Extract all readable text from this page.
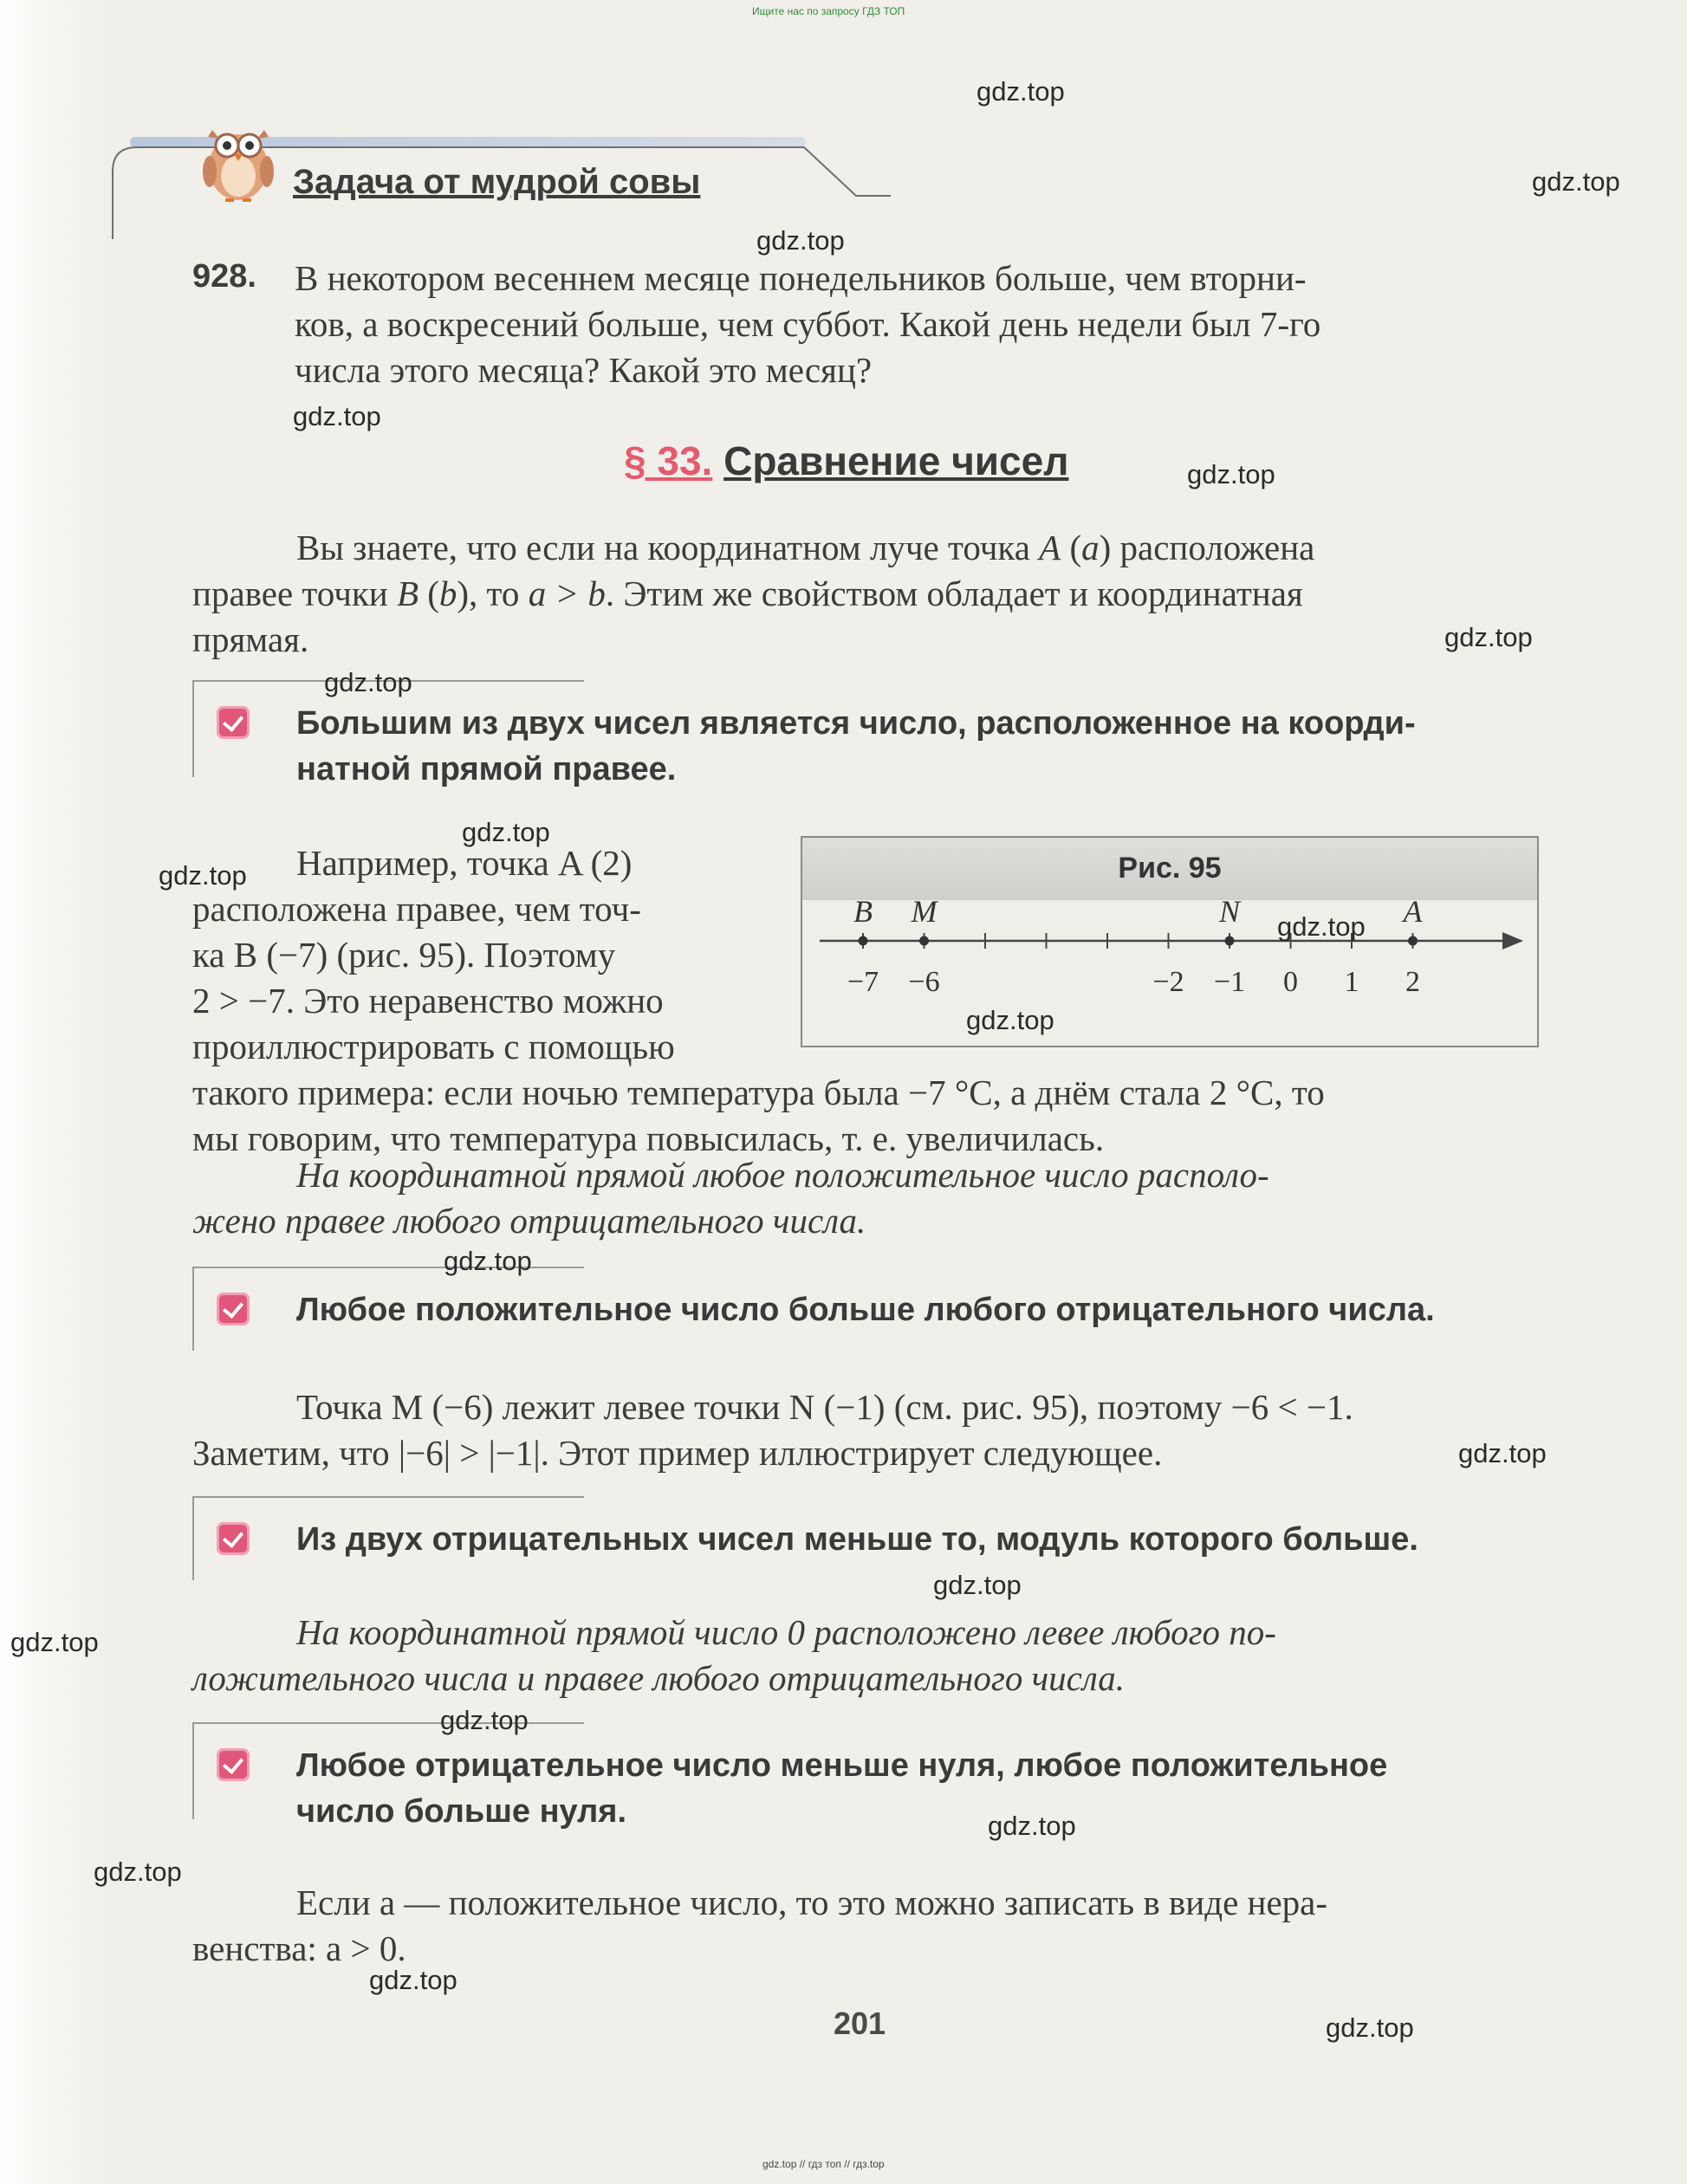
Ищите нас по запросу ГДЗ ТОП
Задача от мудрой совы
928. В некотором весеннем месяце понедельников больше, чем вторни-
ков, а воскресений больше, чем суббот. Какой день недели был 7-го
числа этого месяца? Какой это месяц?
§ 33. Сравнение чисел
Вы знаете, что если на координатном луче точка A (a) расположена
правее точки B (b), то a > b. Этим же свойством обладает и координатная
прямая.
Большим из двух чисел является число, расположенное на коорди-
натной прямой правее.
Например, точка A (2)
расположена правее, чем точ-
ка B (−7) (рис. 95). Поэтому
2 > −7. Это неравенство можно
проиллюстрировать с помощью
такого примера: если ночью температура была −7 °C, а днём стала 2 °C, то
мы говорим, что температура повысилась, т. е. увеличилась.
Рис. 95
−7 −6	−2 −1 0 1 2
B M	N	A
На координатной прямой любое положительное число располо-
жено правее любого отрицательного числа.
Любое положительное число больше любого отрицательного числа.
Точка M (−6) лежит левее точки N (−1) (см. рис. 95), поэтому −6 < −1.
Заметим, что |−6| > |−1|. Этот пример иллюстрирует следующее.
Из двух отрицательных чисел меньше то, модуль которого больше.
На координатной прямой число 0 расположено левее любого по-
ложительного числа и правее любого отрицательного числа.
Любое отрицательное число меньше нуля, любое положительное
число больше нуля.
Если a — положительное число, то это можно записать в виде нера-
венства: a > 0.
201
gdz.top // гдз топ // гдз.top
gdz.top
gdz.top
gdz.top
gdz.top
gdz.top
gdz.top
gdz.top
gdz.top
gdz.top
gdz.top
gdz.top
gdz.top
gdz.top
gdz.top
gdz.top
gdz.top
gdz.top
gdz.top
gdz.top
gdz.top
